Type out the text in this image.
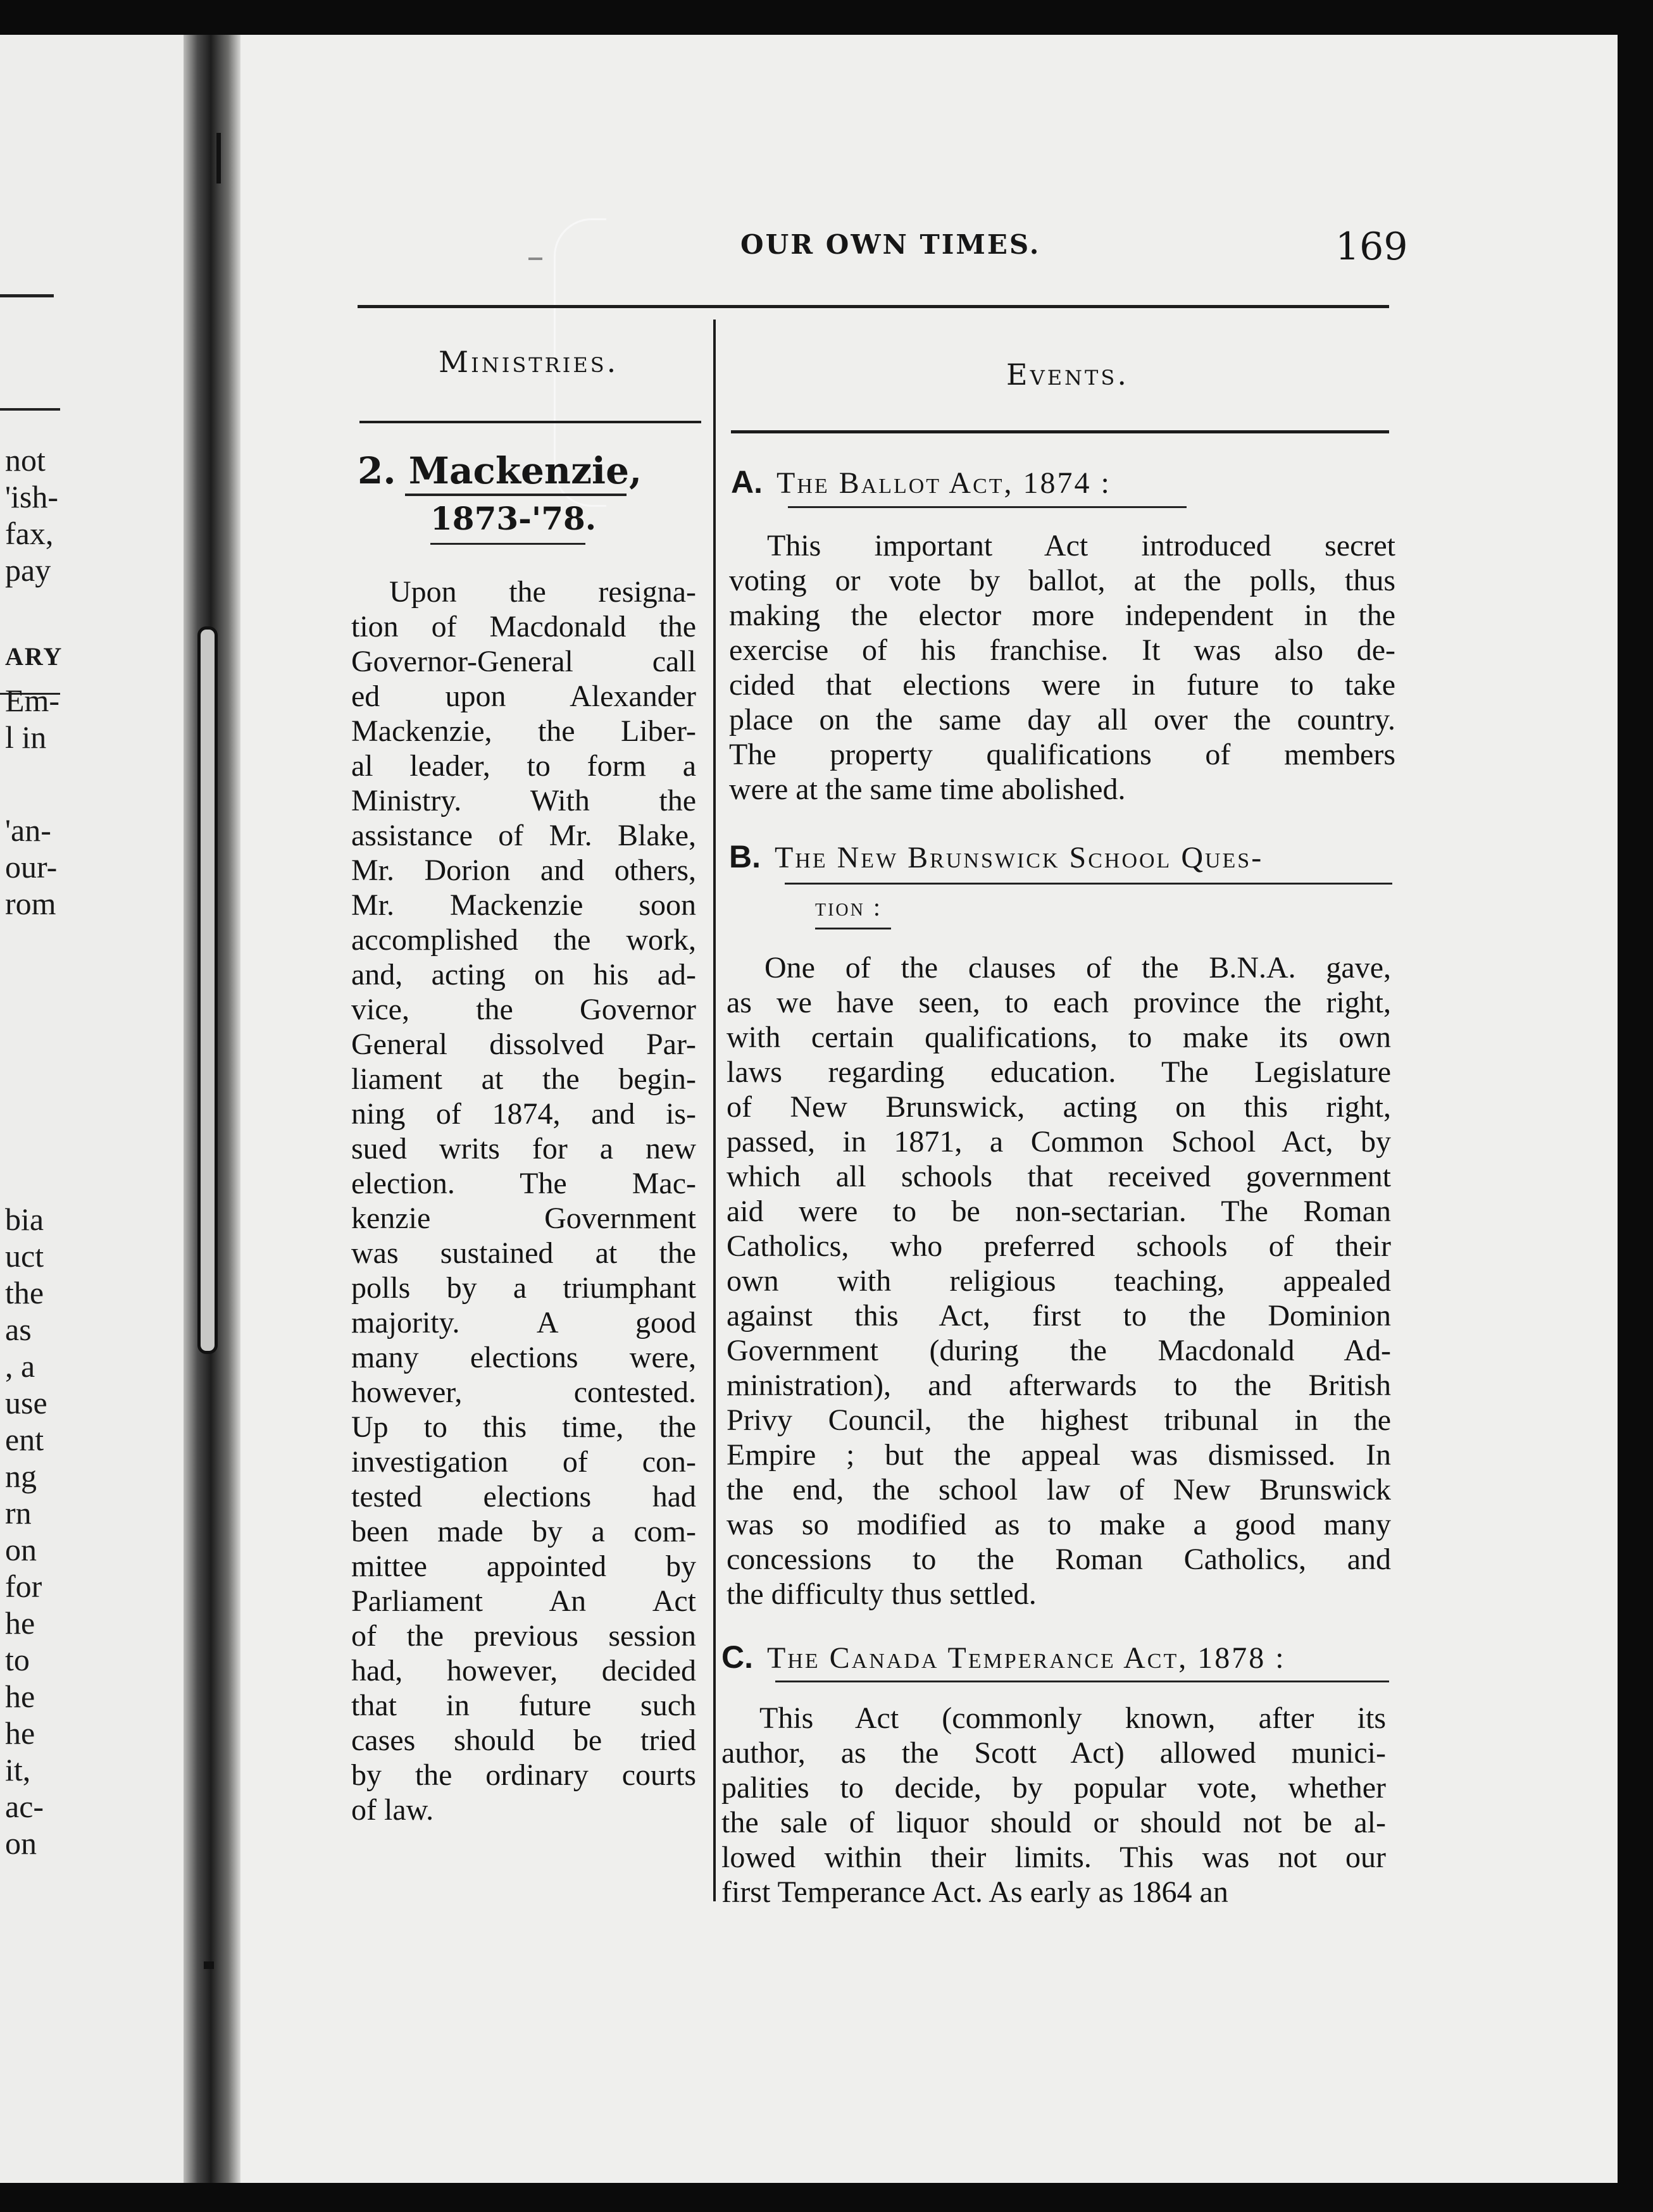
not
'ish-
fax,
pay
ARY
Em-
l in
'an-
our-
rom
bia
uct
the
as
, a
use
ent
ng
rn
on
for
he
to
he
he
it,
ac-
on
OUR OWN TIMES.	169
Ministries.	Events.
2. Mackenzie,
1873-'78.
Upon the resigna-
tion of Macdonald the
Governor-General call
ed upon Alexander
Mackenzie, the Liber-
al leader, to form a
Ministry. With the
assistance of Mr. Blake,
Mr. Dorion and others,
Mr. Mackenzie soon
accomplished the work,
and, acting on his ad-
vice, the Governor
General dissolved Par-
liament at the begin-
ning of 1874, and is-
sued writs for a new
election. The Mac-
kenzie Government
was sustained at the
polls by a triumphant
majority. A good
many elections were,
however, contested.
Up to this time, the
investigation of con-
tested elections had
been made by a com-
mittee appointed by
Parliament An Act
of the previous session
had, however, decided
that in future such
cases should be tried
by the ordinary courts
of law.
A. The Ballot Act, 1874 :
This important Act introduced secret
voting or vote by ballot, at the polls, thus
making the elector more independent in the
exercise of his franchise. It was also de-
cided that elections were in future to take
place on the same day all over the country.
The property qualifications of members
were at the same time abolished.
B. The New Brunswick School Ques-
tion :
One of the clauses of the B.N.A. gave,
as we have seen, to each province the right,
with certain qualifications, to make its own
laws regarding education. The Legislature
of New Brunswick, acting on this right,
passed, in 1871, a Common School Act, by
which all schools that received government
aid were to be non-sectarian. The Roman
Catholics, who preferred schools of their
own with religious teaching, appealed
against this Act, first to the Dominion
Government (during the Macdonald Ad-
ministration), and afterwards to the British
Privy Council, the highest tribunal in the
Empire ; but the appeal was dismissed. In
the end, the school law of New Brunswick
was so modified as to make a good many
concessions to the Roman Catholics, and
the difficulty thus settled.
C. The Canada Temperance Act, 1878 :
This Act (commonly known, after its
author, as the Scott Act) allowed munici-
palities to decide, by popular vote, whether
the sale of liquor should or should not be al-
lowed within their limits. This was not our
first Temperance Act. As early as 1864 an
